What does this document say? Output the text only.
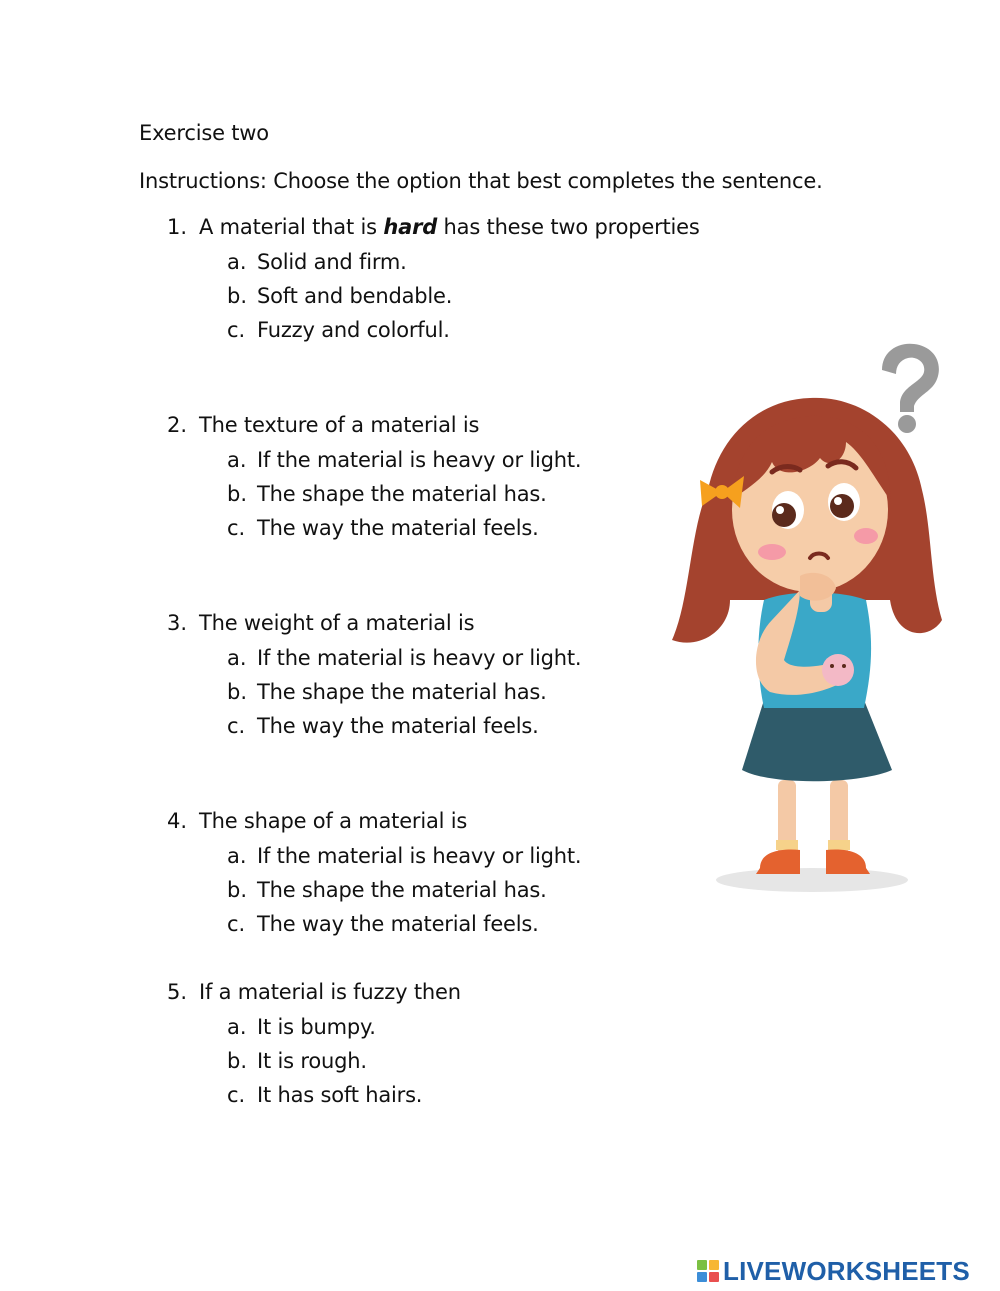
Exercise two
Instructions: Choose the option that best completes the sentence.
1. A material that is hard has these two properties
a. Solid and firm.
b. Soft and bendable.
c. Fuzzy and colorful.
2. The texture of a material is
a. If the material is heavy or light.
b. The shape the material has.
c. The way the material feels.
3. The weight of a material is
a. If the material is heavy or light.
b. The shape the material has.
c. The way the material feels.
4. The shape of a material is
a. If the material is heavy or light.
b. The shape the material has.
c. The way the material feels.
5. If a material is fuzzy then
a. It is bumpy.
b. It is rough.
c. It has soft hairs.
LIVEWORKSHEETS
